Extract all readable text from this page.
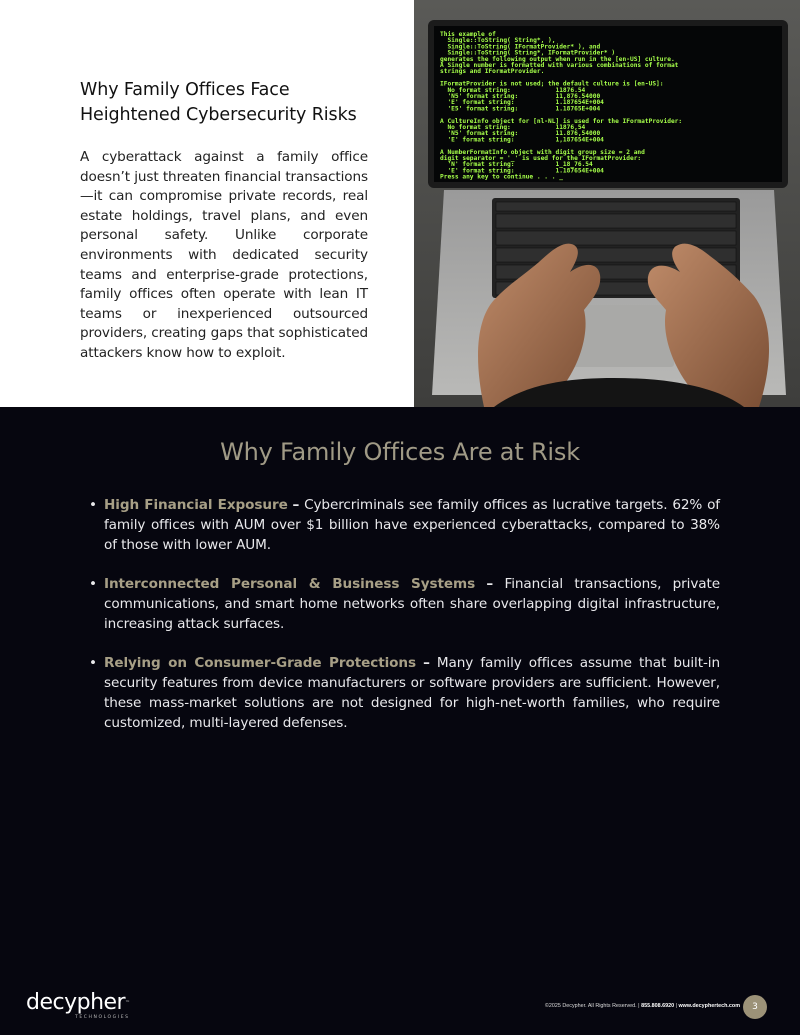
Why Family Offices Face Heightened Cybersecurity Risks

A cyberattack against a family office doesn’t just threaten financial transactions—it can compromise private records, real estate holdings, travel plans, and even personal safety. Unlike corporate environments with dedicated security teams and enterprise-grade protections, family offices often operate with lean IT teams or inexperienced outsourced providers, creating gaps that sophisticated attackers know how to exploit.

This example of
Single::ToString( String*, ),
Single::ToString( IFormatProvider* ), and
Single::ToString( String*, IFormatProvider* )
generates the following output when run in the [en-US] culture.
A Single number is formatted with various combinations of format
strings and IFormatProvider.
IFormatProvider is not used; the default culture is [en-US]:
No format string:            11876.54
'N5' format string:          11,876.54000
'E' format string:           1.187654E+004
'E5' format string:          1.18765E+004
A CultureInfo object for [nl-NL] is used for the IFormatProvider:
No format string:            11876,54
'N5' format string:          11.876,54000
'E' format string:           1,187654E+004
A NumberFormatInfo object with digit group size = 2 and
digit separator = '_' is used for the IFormatProvider:
'N' format string:           1_18_76.54
'E' format string:           1.187654E+004
Press any key to continue . . . _
Why Family Offices Are at Risk
• High Financial Exposure – Cybercriminals see family offices as lucrative targets. 62% of family offices with AUM over $1 billion have experienced cyberattacks, compared to 38% of those with lower AUM.
• Interconnected Personal & Business Systems – Financial transactions, private communications, and smart home networks often share overlapping digital infrastructure, increasing attack surfaces.
• Relying on Consumer-Grade Protections – Many family offices assume that built-in security features from device manufacturers or software providers are sufficient. However, these mass-market solutions are not designed for high-net-worth families, who require customized, multi-layered defenses.
decypher™
TECHNOLOGIES
©2025 Decypher. All Rights Reserved. | 855.808.6920 | www.decyphertech.com	3
